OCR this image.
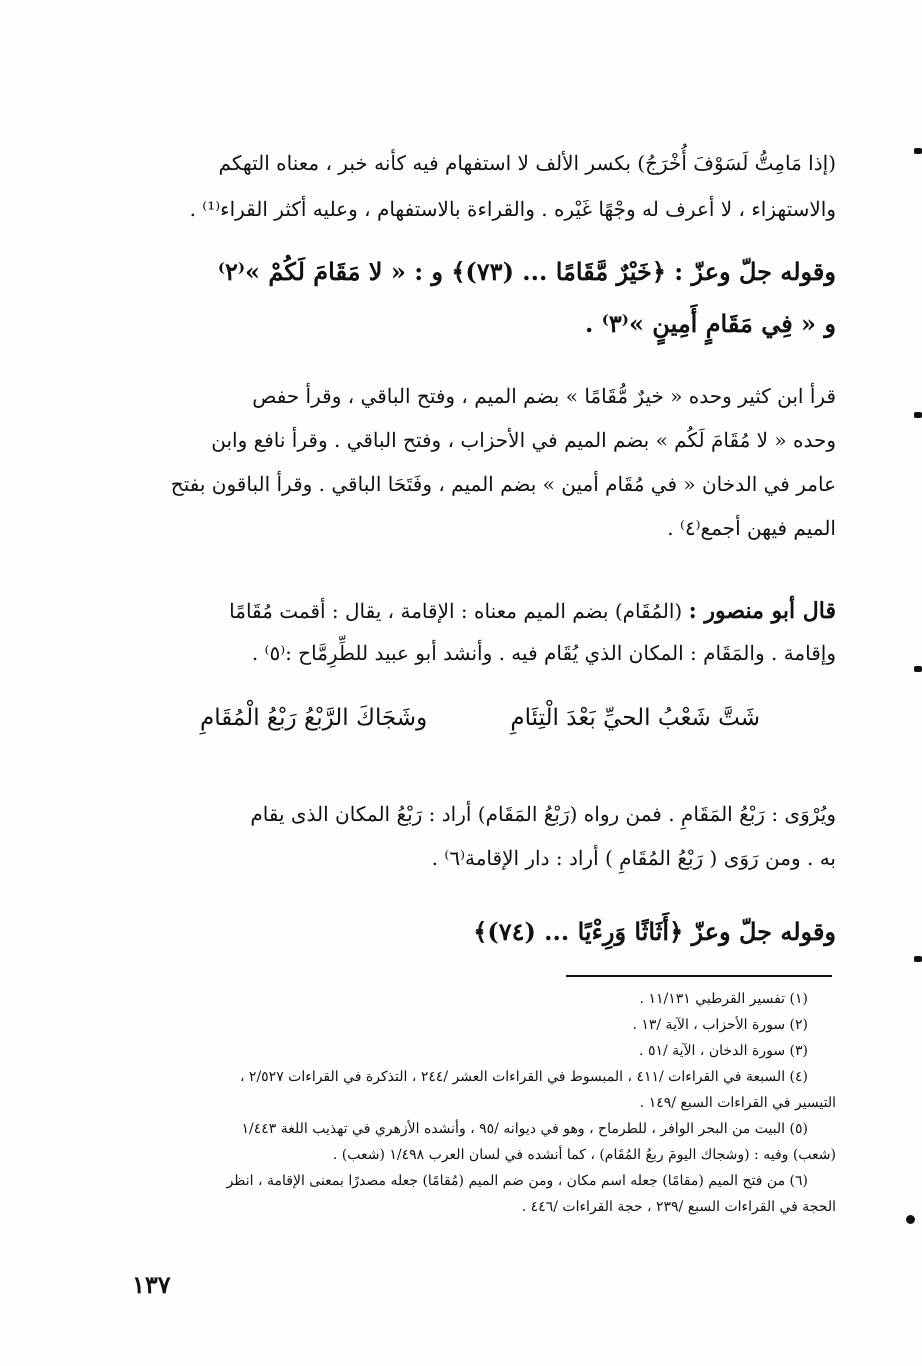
(إذا مَامِتُّ لَسَوْفَ أُخْرَجُ) بكسر الألف لا استفهام فيه كأنه خبر ، معناه التهكم
والاستهزاء ، لا أعرف له وجْهًا غَيْره . والقراءة بالاستفهام ، وعليه أكثر القراء⁽¹⁾ .
وقوله جلّ وعزّ : ﴿خَيْرٌ مَّقَامًا ... (٧٣)﴾ و : « لا مَقَامَ لَكُمْ »⁽٢⁾
و « فِي مَقَامٍ أَمِينٍ »⁽٣⁾ .
قرأ ابن كثير وحده « خيرٌ مُّقَامًا » بضم الميم ، وفتح الباقي ، وقرأ حفص
وحده « لا مُقَامَ لَكُم » بضم الميم في الأحزاب ، وفتح الباقي . وقرأ نافع وابن
عامر في الدخان « في مُقَام أمين » بضم الميم ، وفَتَحَا الباقي . وقرأ الباقون بفتح
الميم فيهن أجمع⁽٤⁾ .
قال أبو منصور : (المُقَام) بضم الميم معناه : الإقامة ، يقال : أقمت مُقَامًا
وإقامة . والمَقَام : المكان الذي يُقَام فيه . وأنشد أبو عبيد للطِّرِمَّاح :⁽٥⁾ .
شَتَّ شَعْبُ الحيِّ بَعْدَ الْتِئَامِ
وشَجَاكَ الرَّبْعُ رَبْعُ الْمُقَامِ
ويُرْوَى : رَبْعُ المَقَامِ . فمن رواه (رَبْعُ المَقَام) أراد : رَبْعُ المكان الذى يقام
به . ومن رَوَى ( رَبْعُ المُقَامِ ) أراد : دار الإقامة⁽٦⁾ .
وقوله جلّ وعزّ ﴿أَثَاثًا وَرِءْيًا ... (٧٤)﴾
(١) تفسير القرطبي ١١/١٣١ .
(٢) سورة الأحزاب ، الآية /١٣ .
(٣) سورة الدخان ، الآية /٥١ .
(٤) السبعة في القراءات /٤١١ ، المبسوط في القراءات العشر /٢٤٤ ، التذكرة في القراءات ٢/٥٢٧ ،
التيسير في القراءات السبع /١٤٩ .
(٥) البيت من البحر الوافر ، للطرماح ، وهو في ديوانه /٩٥ ، وأنشده الأزهري في تهذيب اللغة ١/٤٤٣
(شعب) وفيه : (وشجاك اليومَ ربعُ المُقَام) ، كما أنشده في لسان العرب ١/٤٩٨ (شعب) .
(٦) من فتح الميم (مقامًا) جعله اسم مكان ، ومن ضم الميم (مُقامًا) جعله مصدرًا بمعنى الإقامة ، انظر
الحجة في القراءات السبع /٢٣٩ ، حجة القراءات /٤٤٦ .
١٣٧
